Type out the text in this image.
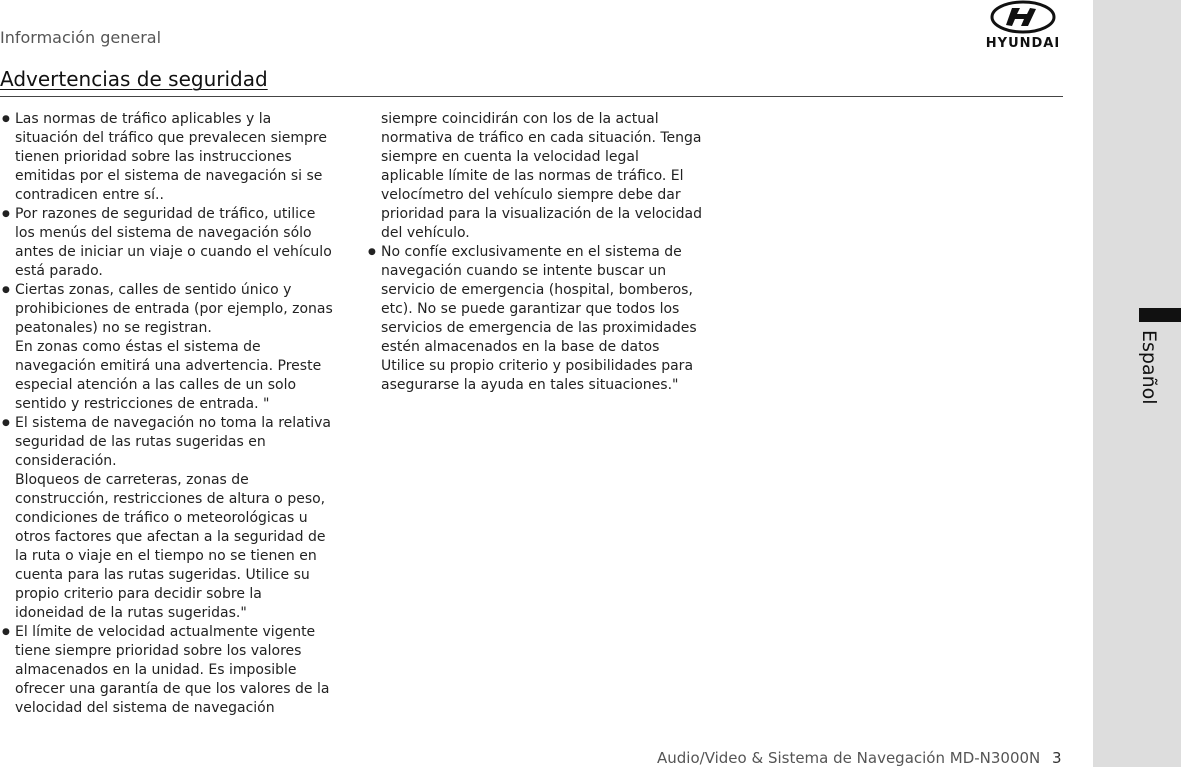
Español
Información general	HYUNDAI
Advertencias de seguridad
● Las normas de tráfico aplicables y la situación del tráfico que prevalecen siempre tienen prioridad sobre las instrucciones emitidas por el sistema de navegación si se contradicen entre sí..
● Por razones de seguridad de tráfico, utilice los menús del sistema de navegación sólo antes de iniciar un viaje o cuando el vehículo está parado.
● Ciertas zonas, calles de sentido único y prohibiciones de entrada (por ejemplo, zonas peatonales) no se registran.
En zonas como éstas el sistema de navegación emitirá una advertencia. Preste especial atención a las calles de un solo sentido y restricciones de entrada. "
● El sistema de navegación no toma la relativa seguridad de las rutas sugeridas en consideración.
Bloqueos de carreteras, zonas de construcción, restricciones de altura o peso, condiciones de tráfico o meteorológicas u otros factores que afectan a la seguridad de la ruta o viaje en el tiempo no se tienen en cuenta para las rutas sugeridas. Utilice su propio criterio para decidir sobre la idoneidad de la rutas sugeridas."
● El límite de velocidad actualmente vigente tiene siempre prioridad sobre los valores almacenados en la unidad. Es imposible ofrecer una garantía de que los valores de la velocidad del sistema de navegación
siempre coincidirán con los de la actual normativa de tráfico en cada situación. Tenga siempre en cuenta la velocidad legal aplicable límite de las normas de tráfico. El velocímetro del vehículo siempre debe dar prioridad para la visualización de la velocidad del vehículo.
● No confíe exclusivamente en el sistema de navegación cuando se intente buscar un servicio de emergencia (hospital, bomberos, etc). No se puede garantizar que todos los servicios de emergencia de las proximidades estén almacenados en la base de datos Utilice su propio criterio y posibilidades para asegurarse la ayuda en tales situaciones."
Audio/Video & Sistema de Navegación MD-N3000N 3
